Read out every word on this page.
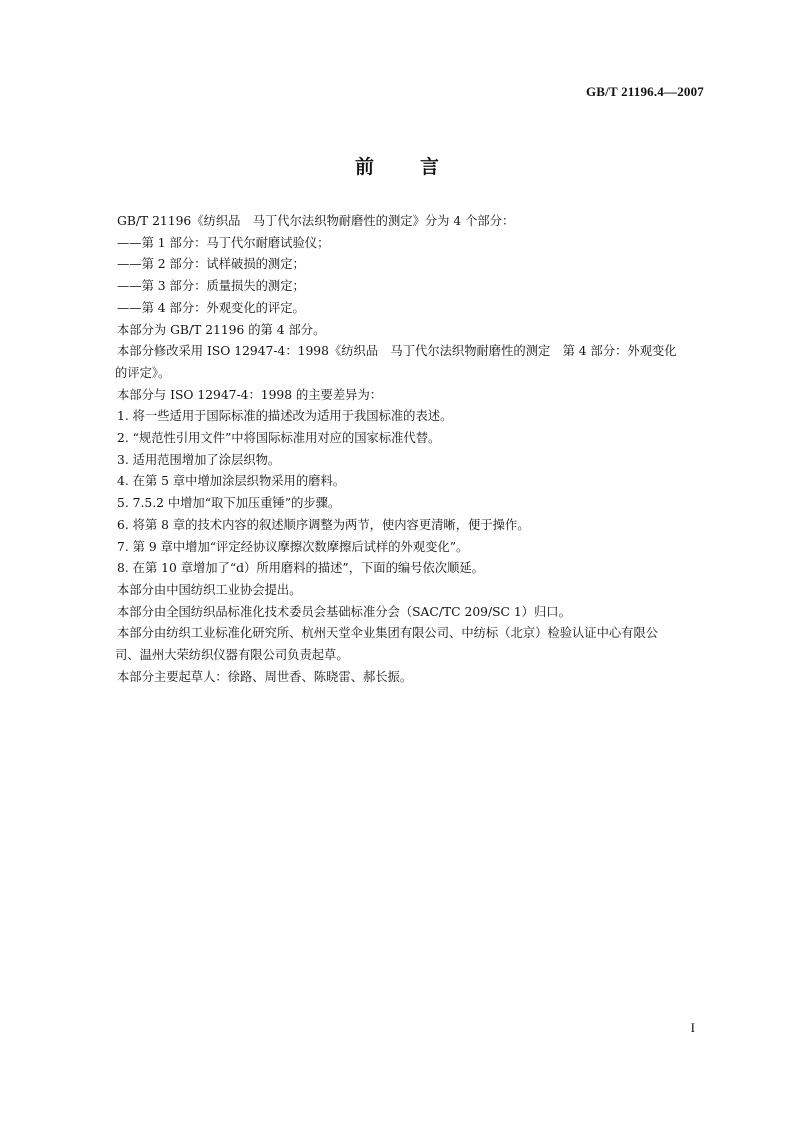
GB/T 21196.4—2007
前 言

GB/T 21196《纺织品　马丁代尔法织物耐磨性的测定》分为 4 个部分：

——第 1 部分：马丁代尔耐磨试验仪；

——第 2 部分：试样破损的测定；

——第 3 部分：质量损失的测定；

——第 4 部分：外观变化的评定。

本部分为 GB/T 21196 的第 4 部分。

本部分修改采用 ISO 12947-4：1998《纺织品　马丁代尔法织物耐磨性的测定　第 4 部分：外观变化

的评定》。

本部分与 ISO 12947-4：1998 的主要差异为：

1. 将一些适用于国际标准的描述改为适用于我国标准的表述。

2. “规范性引用文件”中将国际标准用对应的国家标准代替。

3. 适用范围增加了涂层织物。

4. 在第 5 章中增加涂层织物采用的磨料。

5. 7.5.2 中增加“取下加压重锤”的步骤。

6. 将第 8 章的技术内容的叙述顺序调整为两节，使内容更清晰，便于操作。

7. 第 9 章中增加“评定经协议摩擦次数摩擦后试样的外观变化”。

8. 在第 10 章增加了“d）所用磨料的描述”，下面的编号依次顺延。

本部分由中国纺织工业协会提出。

本部分由全国纺织品标准化技术委员会基础标准分会（SAC/TC 209/SC 1）归口。

本部分由纺织工业标准化研究所、杭州天堂伞业集团有限公司、中纺标（北京）检验认证中心有限公

司、温州大荣纺织仪器有限公司负责起草。

本部分主要起草人：徐路、周世香、陈晓雷、郝长振。

I
